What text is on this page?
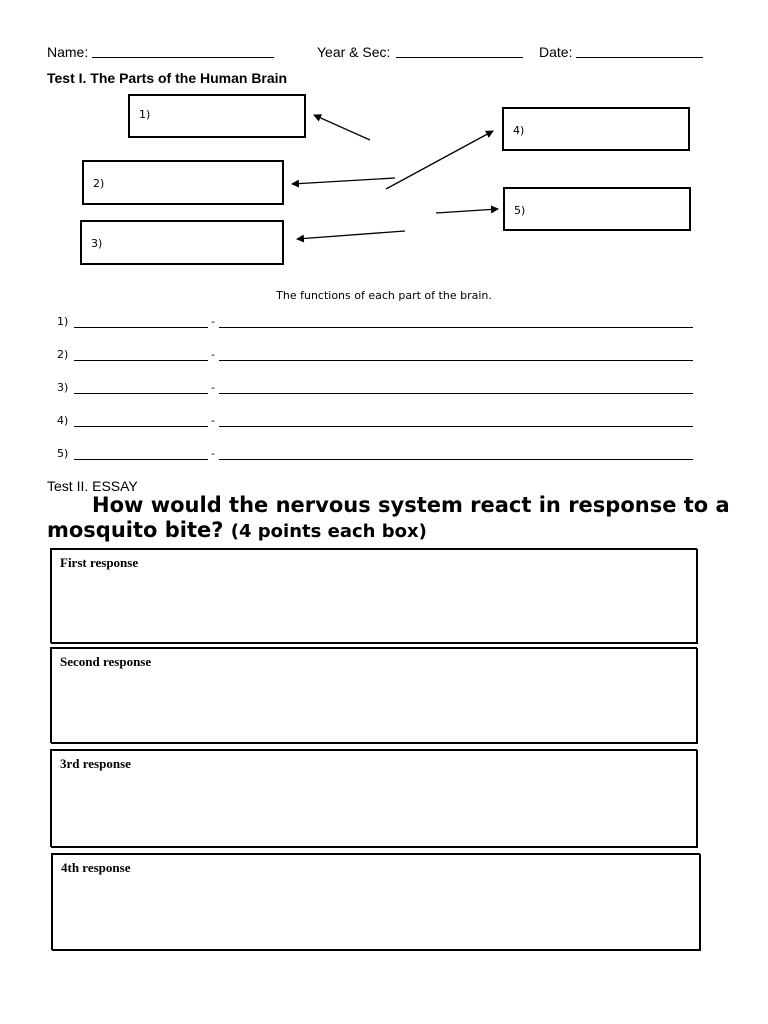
Name:	Year & Sec:	Date:
Test I. The Parts of the Human Brain
1)
2)
3)
4)
5)
The functions of each part of the brain.
1)	-
2)	-
3)	-
4)	-
5)	-
Test II. ESSAY
How would the nervous system react in response to a mosquito bite? (4 points each box)
First response
Second response
3rd response
4th response
